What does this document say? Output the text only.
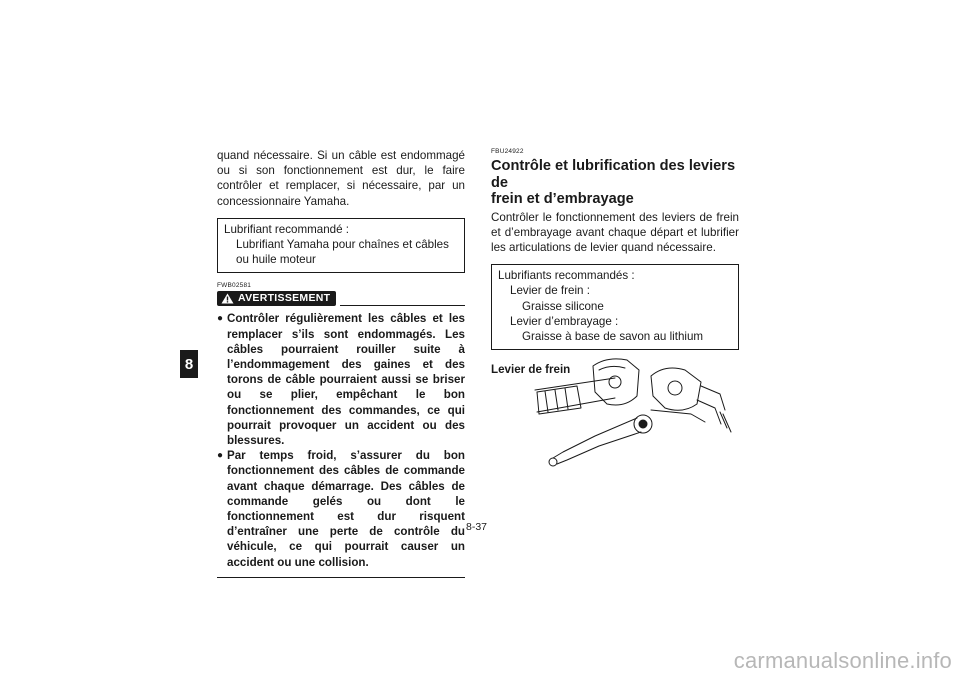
8

quand nécessaire. Si un câble est endommagé ou si son fonctionnement est dur, le faire contrôler et remplacer, si nécessaire, par un concessionnaire Yamaha.

Lubrifiant recommandé :
Lubrifiant Yamaha pour chaînes et câbles
ou huile moteur
FWB02581
AVERTISSEMENT
● Contrôler régulièrement les câbles et les remplacer s’ils sont endommagés. Les câbles pourraient rouiller suite à l’endommagement des gaines et des torons de câble pourraient aussi se briser ou se plier, empêchant le bon fonctionnement des commandes, ce qui pourrait provoquer un accident ou des blessures.
● Par temps froid, s’assurer du bon fonctionnement des câbles de commande avant chaque démarrage. Des câbles de commande gelés ou dont le fonctionnement est dur risquent d’entraîner une perte de contrôle du véhicule, ce qui pourrait causer un accident ou une collision.
FBU24922
Contrôle et lubrification des leviers de
frein et d’embrayage

Contrôler le fonctionnement des leviers de frein et d’embrayage avant chaque départ et lubrifier les articulations de levier quand nécessaire.

Lubrifiants recommandés :
Levier de frein :
Graisse silicone
Levier d’embrayage :
Graisse à base de savon au lithium
Levier de frein
8-37
carmanualsonline.info
